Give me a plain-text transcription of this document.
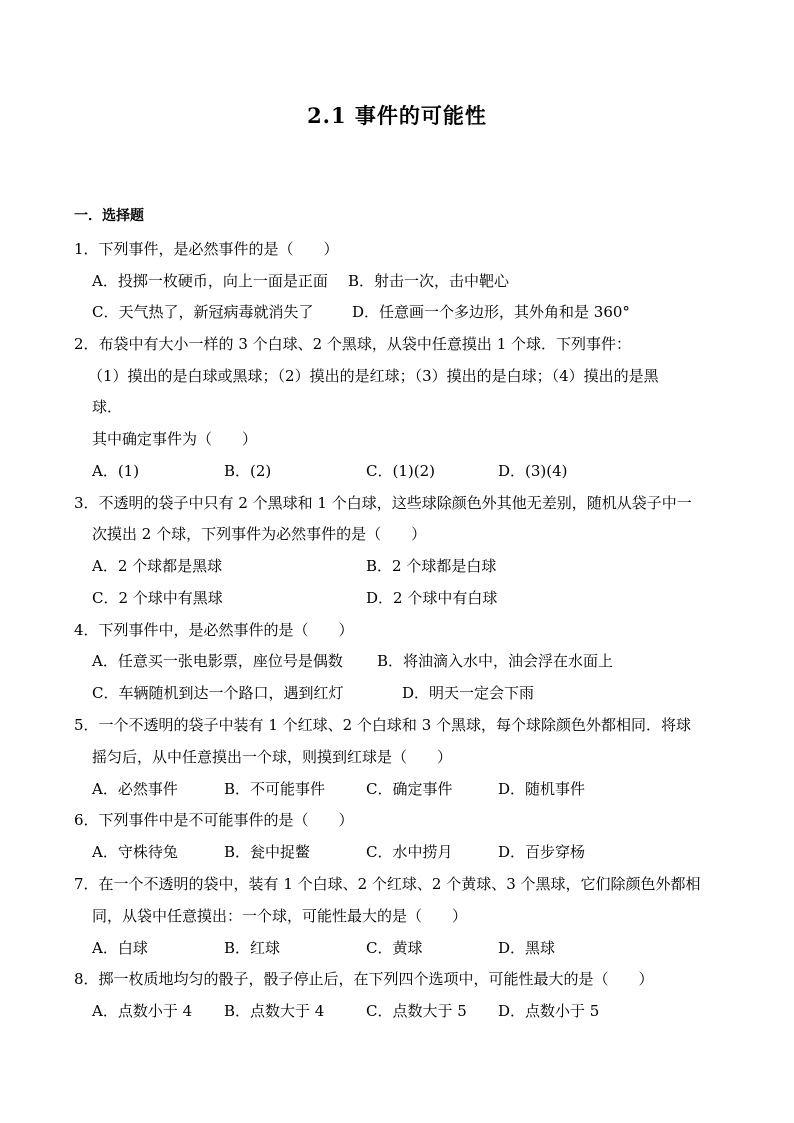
2.1 事件的可能性
一．选择题
1．下列事件，是必然事件的是（　　）
A．投掷一枚硬币，向上一面是正面 B．射击一次，击中靶心
C．天气热了，新冠病毒就消失了	D．任意画一个多边形，其外角和是 360°
2．布袋中有大小一样的 3 个白球、2 个黑球，从袋中任意摸出 1 个球．下列事件：
（1）摸出的是白球或黑球；（2）摸出的是红球；（3）摸出的是白球；（4）摸出的是黑
球．
其中确定事件为（　　）
A．(1)	B．(2)	C．(1)(2)	D．(3)(4)
3．不透明的袋子中只有 2 个黑球和 1 个白球，这些球除颜色外其他无差别，随机从袋子中一
次摸出 2 个球，下列事件为必然事件的是（　　）
A．2 个球都是黑球	B．2 个球都是白球
C．2 个球中有黑球	D．2 个球中有白球
4．下列事件中，是必然事件的是（　　）
A．任意买一张电影票，座位号是偶数 B．将油滴入水中，油会浮在水面上
C．车辆随机到达一个路口，遇到红灯	D．明天一定会下雨
5．一个不透明的袋子中装有 1 个红球、2 个白球和 3 个黑球，每个球除颜色外都相同．将球
摇匀后，从中任意摸出一个球，则摸到红球是（　　）
A．必然事件	B．不可能事件	C．确定事件	D．随机事件
6．下列事件中是不可能事件的是（　　）
A．守株待兔	B．瓮中捉鳖	C．水中捞月	D．百步穿杨
7．在一个不透明的袋中，装有 1 个白球、2 个红球、2 个黄球、3 个黑球，它们除颜色外都相
同，从袋中任意摸出：一个球，可能性最大的是（　　）
A．白球	B．红球	C．黄球	D．黑球
8．掷一枚质地均匀的骰子，骰子停止后，在下列四个选项中，可能性最大的是（　　）
A．点数小于 4 B．点数大于 4	C．点数大于 5 D．点数小于 5
